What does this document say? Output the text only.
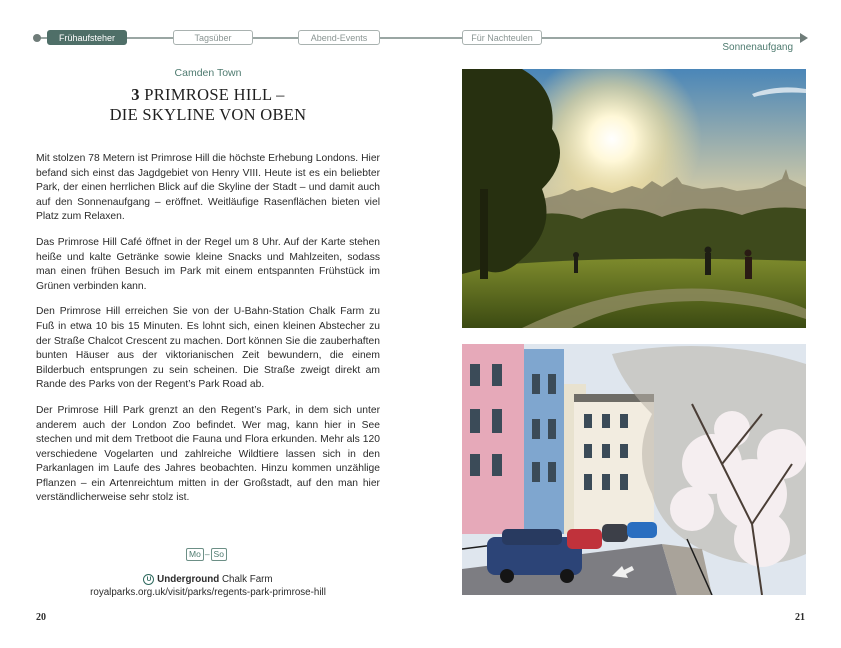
Frühaufsteher	Tagsüber	Abend-Events	Für Nachteulen
Sonnenaufgang
Camden Town
3 PRIMROSE HILL –
DIE SKYLINE VON OBEN

Mit stolzen 78 Metern ist Primrose Hill die höchste Erhebung Londons. Hier befand sich einst das Jagdgebiet von Henry VIII. Heute ist es ein beliebter Park, der einen herrlichen Blick auf die Skyline der Stadt – und damit auch auf den Sonnenaufgang – eröffnet. Weitläufige Rasenflächen bieten viel Platz zum Relaxen.

Das Primrose Hill Café öffnet in der Regel um 8 Uhr. Auf der Karte stehen heiße und kalte Getränke sowie kleine Snacks und Mahlzeiten, sodass man einen frühen Besuch im Park mit einem entspannten Frühstück im Grünen verbinden kann.

Den Primrose Hill erreichen Sie von der U-Bahn-Station Chalk Farm zu Fuß in etwa 10 bis 15 Minuten. Es lohnt sich, einen kleinen Abstecher zu der Straße Chalcot Crescent zu machen. Dort können Sie die zauberhaften bunten Häuser aus der viktorianischen Zeit bewundern, die einem Bilderbuch entsprungen zu sein scheinen. Die Straße zweigt direkt am Rande des Parks von der Regent’s Park Road ab.

Der Primrose Hill Park grenzt an den Regent’s Park, in dem sich unter anderem auch der London Zoo befindet. Wer mag, kann hier in See stechen und mit dem Tretboot die Fauna und Flora erkunden. Mehr als 120 verschiedene Vogelarten und zahlreiche Wildtiere lassen sich in den Parkanlagen im Laufe des Jahres beobachten. Hinzu kommen unzählige Pflanzen – ein Artenreichtum mitten in der Großstadt, auf den man hier verständlicherweise sehr stolz ist.

Mo – So
U Underground Chalk Farm
royalparks.org.uk/visit/parks/regents-park-primrose-hill
20	21
